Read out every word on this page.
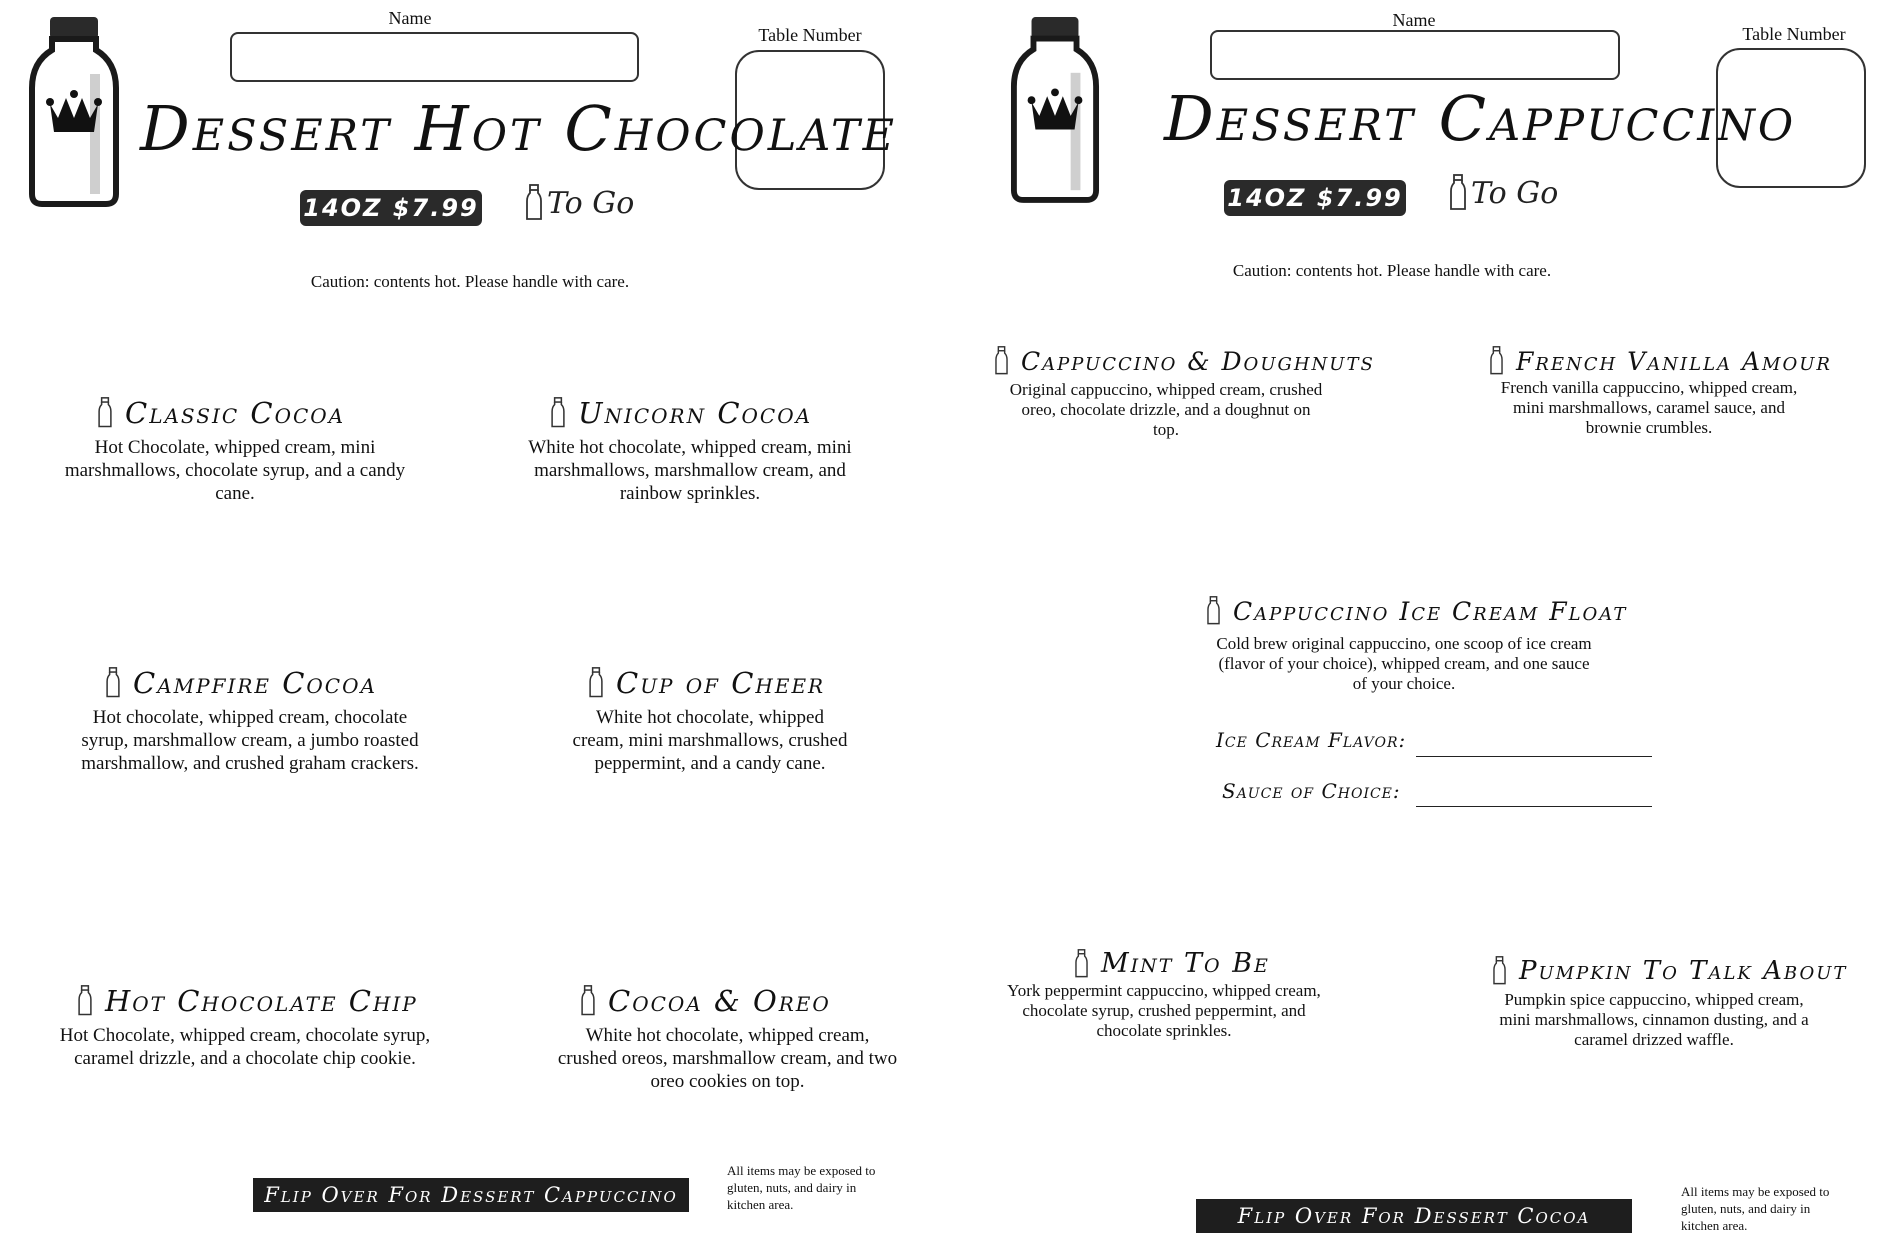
Name
Table Number
Dessert Hot Chocolate
14OZ $7.99 To Go
Caution: contents hot. Please handle with care.
Classic Cocoa
Hot Chocolate, whipped cream, mini marshmallows, chocolate syrup, and a candy cane.
Unicorn Cocoa
White hot chocolate, whipped cream, mini marshmallows, marshmallow cream, and rainbow sprinkles.
Campfire Cocoa
Hot chocolate, whipped cream, chocolate syrup, marshmallow cream, a jumbo roasted marshmallow, and crushed graham crackers.
Cup of Cheer
White hot chocolate, whipped cream, mini marshmallows, crushed peppermint, and a candy cane.
Hot Chocolate Chip
Hot Chocolate, whipped cream, chocolate syrup, caramel drizzle, and a chocolate chip cookie.
Cocoa & Oreo
White hot chocolate, whipped cream, crushed oreos, marshmallow cream, and two oreo cookies on top.
Flip Over For Dessert Cappuccino
All items may be exposed to gluten, nuts, and dairy in kitchen area.
Name
Table Number
Dessert Cappuccino
14OZ $7.99 To Go
Caution: contents hot. Please handle with care.
Cappuccino & Doughnuts
Original cappuccino, whipped cream, crushed oreo, chocolate drizzle, and a doughnut on top.
French Vanilla Amour
French vanilla cappuccino, whipped cream, mini marshmallows, caramel sauce, and brownie crumbles.
Cappuccino Ice Cream Float
Cold brew original cappuccino, one scoop of ice cream (flavor of your choice), whipped cream, and one sauce of your choice.
Ice Cream Flavor:
Sauce of Choice:
Mint To Be
York peppermint cappuccino, whipped cream, chocolate syrup, crushed peppermint, and chocolate sprinkles.
Pumpkin To Talk About
Pumpkin spice cappuccino, whipped cream, mini marshmallows, cinnamon dusting, and a caramel drizzed waffle.
Flip Over For Dessert Cocoa
All items may be exposed to gluten, nuts, and dairy in kitchen area.
